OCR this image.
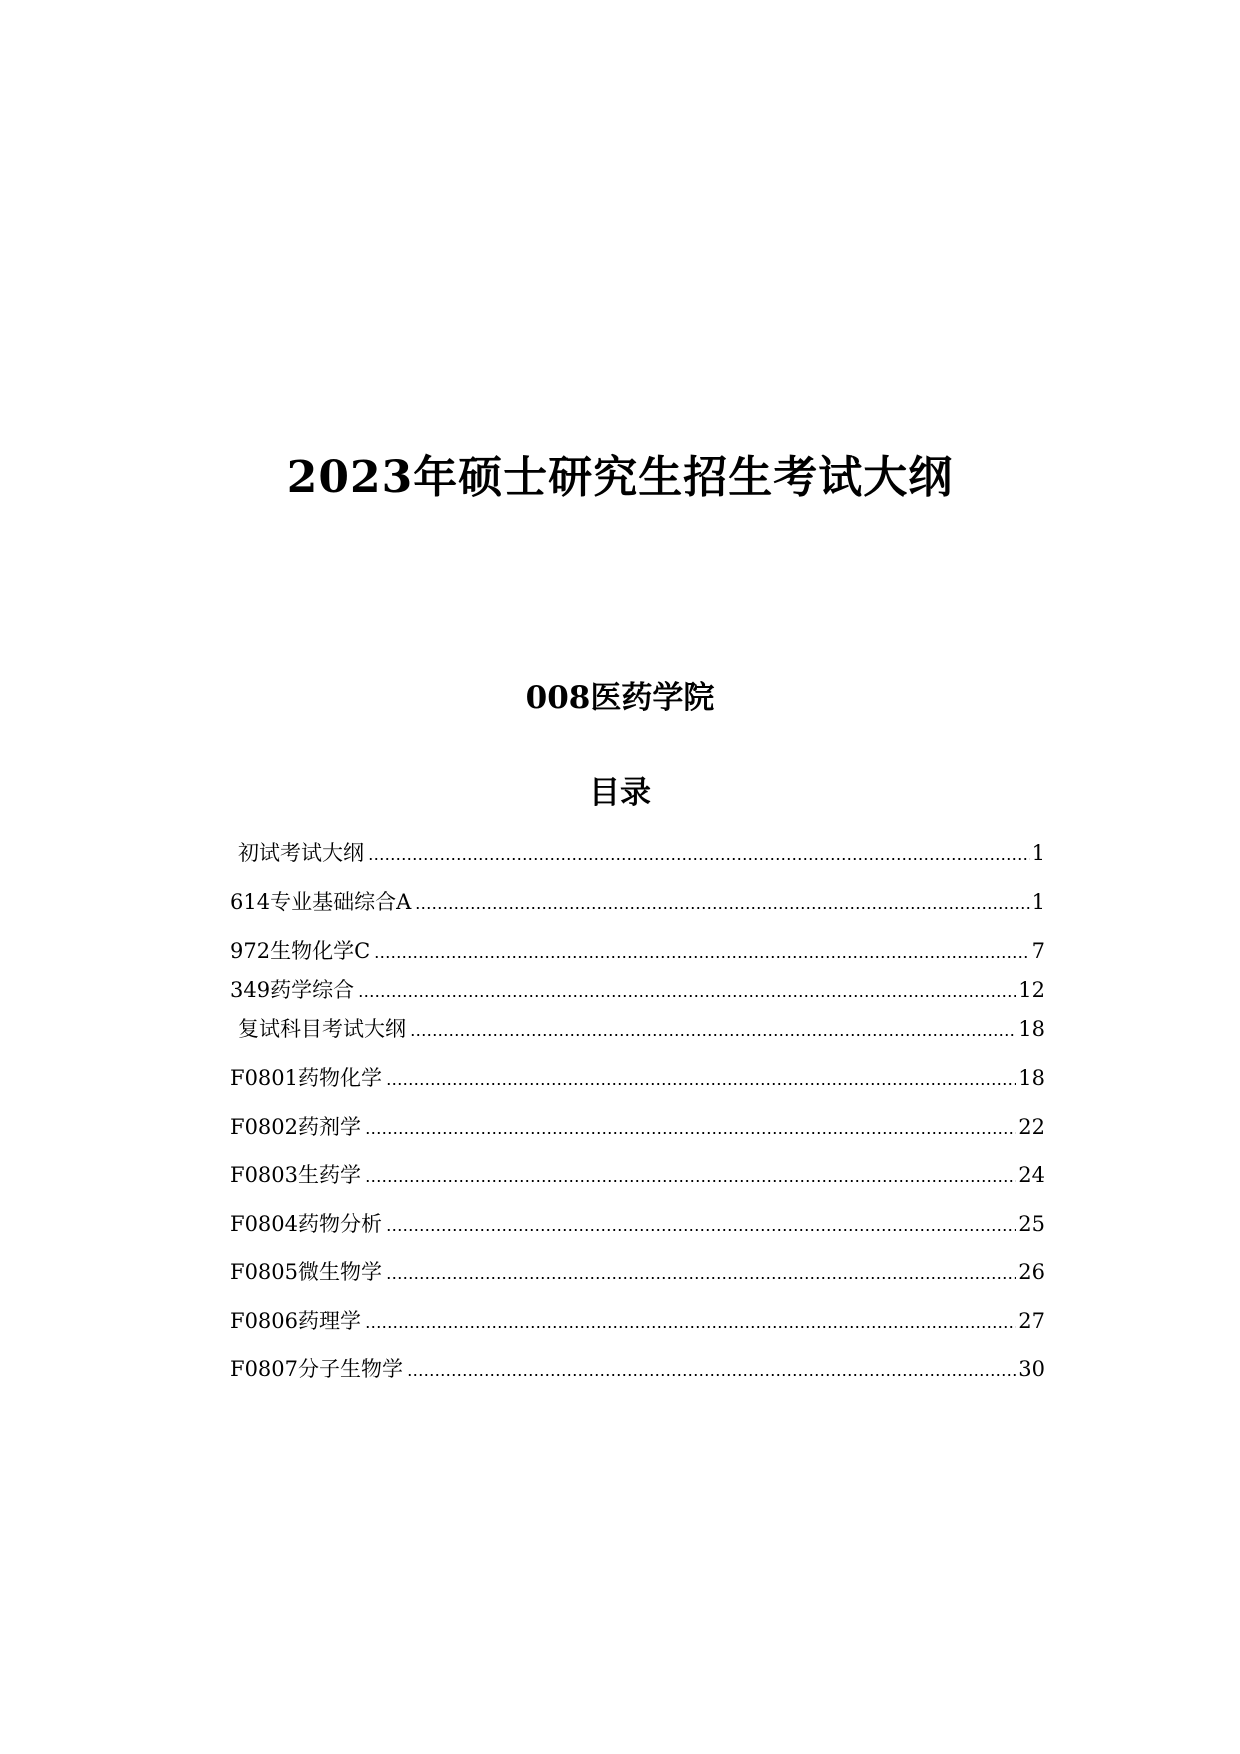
2023年硕士研究生招生考试大纲
008医药学院
目录
初试考试大纲	1
614专业基础综合A	1
972生物化学C	7
349药学综合	12
复试科目考试大纲	18
F0801药物化学	18
F0802药剂学	22
F0803生药学	24
F0804药物分析	25
F0805微生物学	26
F0806药理学	27
F0807分子生物学	30
